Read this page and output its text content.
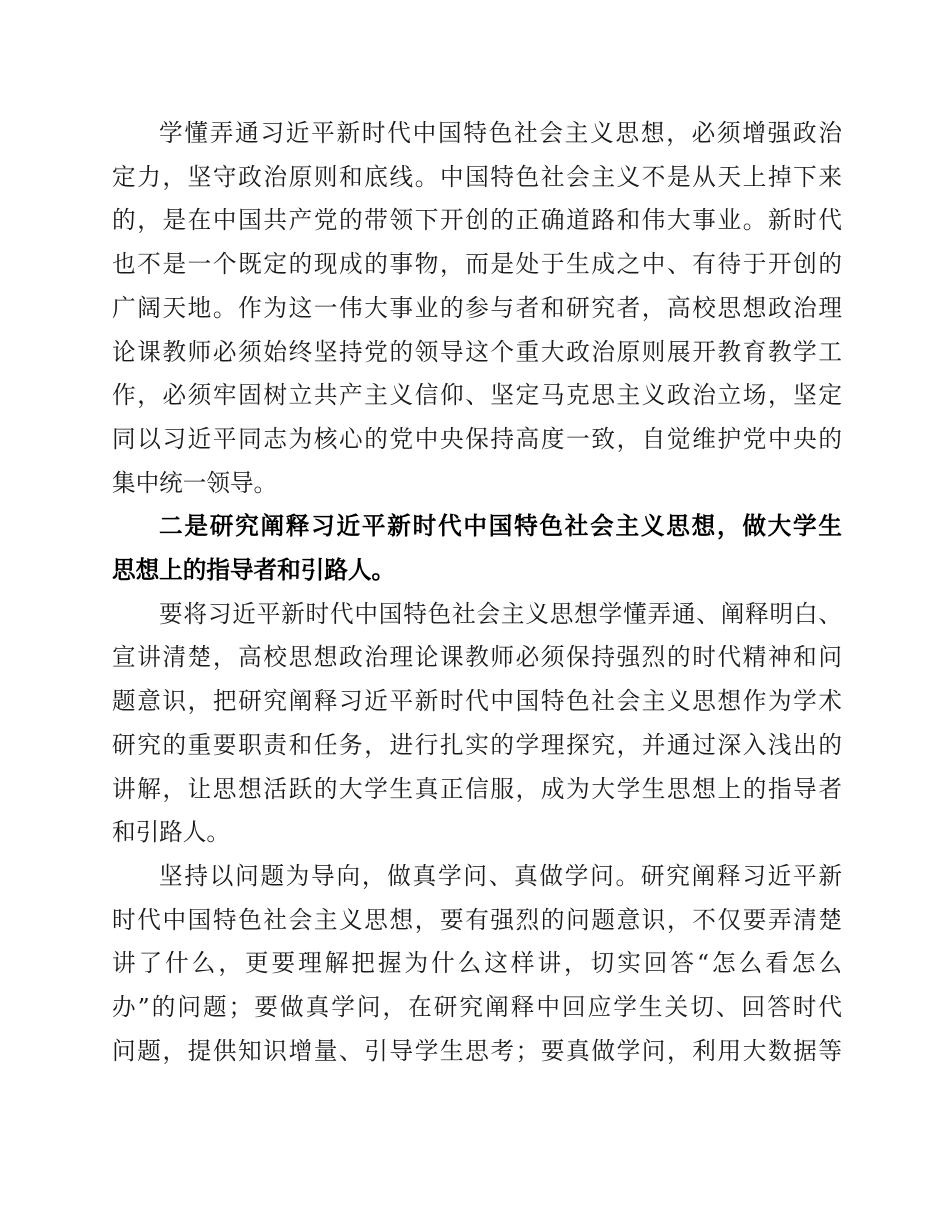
学懂弄通习近平新时代中国特色社会主义思想，必须增强政治
定力，坚守政治原则和底线。中国特色社会主义不是从天上掉下来
的，是在中国共产党的带领下开创的正确道路和伟大事业。新时代
也不是一个既定的现成的事物，而是处于生成之中、有待于开创的
广阔天地。作为这一伟大事业的参与者和研究者，高校思想政治理
论课教师必须始终坚持党的领导这个重大政治原则展开教育教学工
作，必须牢固树立共产主义信仰、坚定马克思主义政治立场，坚定
同以习近平同志为核心的党中央保持高度一致，自觉维护党中央的
集中统一领导。
二是研究阐释习近平新时代中国特色社会主义思想，做大学生
思想上的指导者和引路人。
要将习近平新时代中国特色社会主义思想学懂弄通、阐释明白、
宣讲清楚，高校思想政治理论课教师必须保持强烈的时代精神和问
题意识，把研究阐释习近平新时代中国特色社会主义思想作为学术
研究的重要职责和任务，进行扎实的学理探究，并通过深入浅出的
讲解，让思想活跃的大学生真正信服，成为大学生思想上的指导者
和引路人。
坚持以问题为导向，做真学问、真做学问。研究阐释习近平新
时代中国特色社会主义思想，要有强烈的问题意识，不仅要弄清楚
讲了什么，更要理解把握为什么这样讲，切实回答“怎么看怎么
办”的问题；要做真学问，在研究阐释中回应学生关切、回答时代
问题，提供知识增量、引导学生思考；要真做学问，利用大数据等
